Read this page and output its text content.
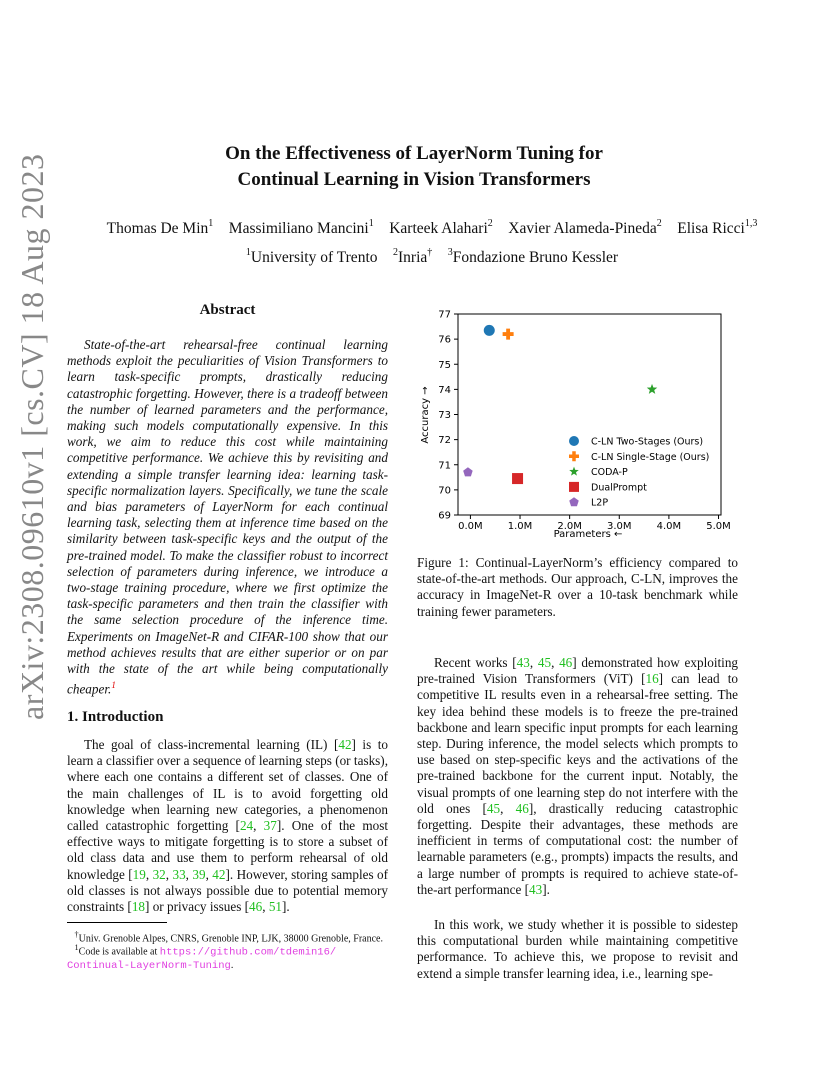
arXiv:2308.09610v1 [cs.CV] 18 Aug 2023	On the Effectiveness of LayerNorm Tuning for
Continual Learning in Vision Transformers
Thomas De Min$^1$ Massimiliano Mancini$^1$ Karteek Alahari$^2$ Xavier Alameda-Pineda$^2$ Elisa Ricci$^{1,3}$
$^1$University of Trento $^2$Inria† $^3$Fondazione Bruno Kessler
Abstract
State-of-the-art rehearsal-free continual learning methods exploit the peculiarities of Vision Transformers to learn task-specific prompts, drastically reducing catastrophic forgetting. However, there is a tradeoff between the number of learned parameters and the performance, making such models computationally expensive. In this work, we aim to reduce this cost while maintaining competitive performance. We achieve this by revisiting and extending a simple transfer learning idea: learning task-specific normalization layers. Specifically, we tune the scale and bias parameters of LayerNorm for each continual learning task, selecting them at inference time based on the similarity between task-specific keys and the output of the pre-trained model. To make the classifier robust to incorrect selection of parameters during inference, we introduce a two-stage training procedure, where we first optimize the task-specific parameters and then train the classifier with the same selection procedure of the inference time. Experiments on ImageNet-R and CIFAR-100 show that our method achieves results that are either superior or on par with the state of the art while being computationally cheaper.$^1$
1. Introduction
The goal of class-incremental learning (IL) [42] is to learn a classifier over a sequence of learning steps (or tasks), where each one contains a different set of classes. One of the main challenges of IL is to avoid forgetting old knowledge when learning new categories, a phenomenon called catastrophic forgetting [24, 37]. One of the most effective ways to mitigate forgetting is to store a subset of old class data and use them to perform rehearsal of old knowledge [19, 32, 33, 39, 42]. However, storing samples of old classes is not always possible due to potential memory constraints [18] or privacy issues [46, 51].
†Univ. Grenoble Alpes, CNRS, Grenoble INP, LJK, 38000 Grenoble, France.
$^1$Code is available at https://github.com/tdemin16/
Continual-LayerNorm-Tuning.
69
70
71
72
73
74
75
76
77
0.0M	1.0M	2.0M	3.0M	4.0M	5.0M
Parameters ←
Accuracy →	C-LN Two-Stages (Ours)
C-LN Single-Stage (Ours)
CODA-P
DualPrompt
L2P
Figure 1: Continual-LayerNorm’s efficiency compared to state-of-the-art methods. Our approach, C-LN, improves the accuracy in ImageNet-R over a 10-task benchmark while training fewer parameters.
Recent works [43, 45, 46] demonstrated how exploiting pre-trained Vision Transformers (ViT) [16] can lead to competitive IL results even in a rehearsal-free setting. The key idea behind these models is to freeze the pre-trained backbone and learn specific input prompts for each learning step. During inference, the model selects which prompts to use based on step-specific keys and the activations of the pre-trained backbone for the current input. Notably, the visual prompts of one learning step do not interfere with the old ones [45, 46], drastically reducing catastrophic forgetting. Despite their advantages, these methods are inefficient in terms of computational cost: the number of learnable parameters (e.g., prompts) impacts the results, and a large number of prompts is required to achieve state-of-the-art performance [43].
In this work, we study whether it is possible to sidestep this computational burden while maintaining competitive performance. To achieve this, we propose to revisit and extend a simple transfer learning idea, i.e., learning spe-
